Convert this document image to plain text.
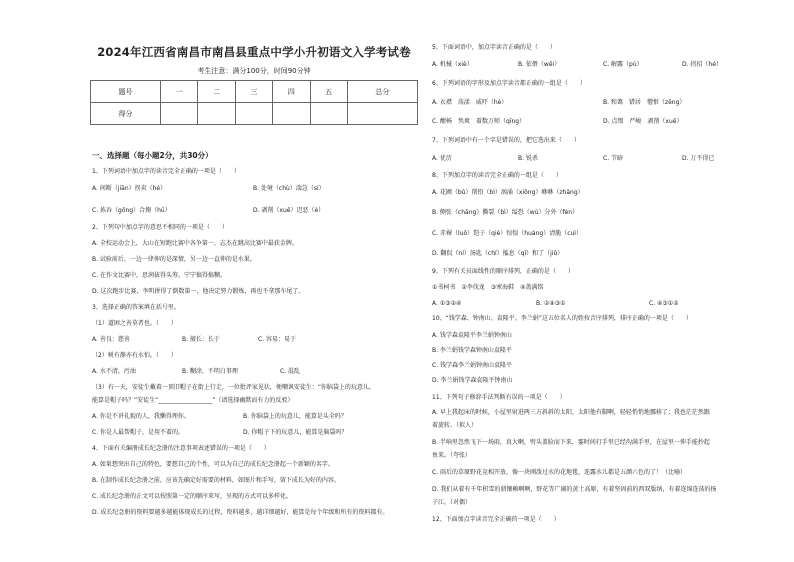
2024年江西省南昌市南昌县重点中学小升初语文入学考试卷
考生注意：满分100分，时间90分钟
题号	一	二	三	四	五	总分
得分						
一、选择题（每小题2分，共30分）
1、下列词语中加点字的读音完全正确的一项是（　　）
A. 间断（jiān）拐卖（hé）	B. 处境（chù）湍急（sí）
C. 拣吞（gōng）合掬（hū）	D. 剥削（xuē）迟恶（è）
2、下列句中加点字的意思不相同的一项是（　　）
A. 全校运动会上，大山在短跑比赛中各争第一，志杰在跳高比赛中最获金牌。
B. 试验前后，一边一律伸的是深情，另一边一直伸的是水果。
C. 在作文比赛中，思润拔得头筹，宁宁搞得搞糊。
D. 这次跑步比赛，李明拼得了倒数第一，他决定努力锻炼，再也不拿那车尾了。
3、选择正确的答案填在括号里。
（1）道困之善莫者也。（　　）
A. 善良：慈善	B. 擅长：长于	C. 容易：易于
（2）树有静亦有水怕。（　　）
A. 水不清，污浊	B. 糊涂，不明白事理	C. 混乱
（3）有一天，安徒生戴着一顶旧帽子在街上行走，一位批评家见状，便嘲讽安徒生：“你脑袋上的玩意儿，
能算是帽子吗？”安徒生“__________________”（请选择幽默而有力的反驳）
A. 你是不讲礼貌的人，我懒得理你。	B. 你脑袋上的玩意儿，能算是头全吗？
C. 你是人最帮帽子，是用不着的。	D. 你帽子下的玩意儿，能算是脑袋吗？
4、下面有关编册成长纪念册的注意事项表述错误的一项是（　　）
A. 如果想突出自己的特色，要想自己的个性，可以为自己的成长纪念册起一个新颖的名字。
B. 在制作成长纪念册之前，应该先确定好需要的材料，如图片和手写，留下成长为好的内容。
C. 成长纪念册的正文可以按照第一定的顺序来写，呈现的方式可以多样化。
D. 成长纪念册的资料要越多越能体现成长的过程，资料越多，越详细越好，能算是每个年级和所有的资料都有。
5、下面词语中，加点字读音正确的是（　　）
A. 机械（xiè）	B. 依偎（wēi）	C. 解露（pù）	D. 拐招（hé）
6、下列词语的字形及加点字读音都正确的一组是（　　）
A. 衣襟　荡漾　威吓（hè）	B. 和蔼　错居　憎恨（zēng）
C. 酣畅　隽爽　着数万师（qīng）	D. 点缀　严峻　剥削（xuē）
7、下列词语中有一个字是错误的，把它选出来（　　）
A. 优历	B. 锐杀	C. 节暗	D. 万不得已
8、下列加点字的读音完全正确的一组是（　　）
A. 花圃（bǔ）削铅（bì）汹涌（xiōng）咻咻（zhāng）
B. 侧张（chāng）撕裂（bì）缢恐（wù）分外（fèn）
C. 赤裸（luǒ）铠子（qiè）惊惶（huáng）清脆（cuì）
D. 翻侃（ní）汤匙（chí）搐息（qī）和了（jiǔ）
9、下列有关员面线性的顺序排列，正确的是（　　）
①书柯书　②李伐龙　③寒海鞋　④盖满铭
A. ①③②④	B. ②④③①	C. ④③①②
10、“钱学森、钟南山、袁隆平、李兰娟”这五位名人的姓按音序排列，排序正确的一项是（　　）
A. 钱学森袁隆平李兰娟钟南山
B. 李兰娟钱学森钟南山袁隆平
C. 钱学森李兰娟钟南山袁隆平
D. 李兰娟钱学森袁隆平钟南山
11、下列句子修辞手法判断有误的一项是（　　）
A. 早上我起床的时候，小屋里射进两三方斜斜的太阳，太阳他有脚啊，轻轻悄悄地挪移了；我也茫茫然跟
着旋转。（拟人）
B. 半响里忽然飞下一场雨，真大啊，劈头盖脸而下来，霎时间打手里已经沟满手里，在屋里一伸手能抄起
鱼来。（夸张）
C. 雨后的草原野花竞相开放，像一块刚泼过水的花地毯，连露水儿都是五颜六色的了！（比喻）
D. 我们从着有千年积雪的鼎镶赖啊啊，野花等广阔的黄土高原，有着坚固前的西双版纳，有着连绵连荡的扬
子江。（对偶）
12、下面加点字读音完全正确的一项是（　　）
